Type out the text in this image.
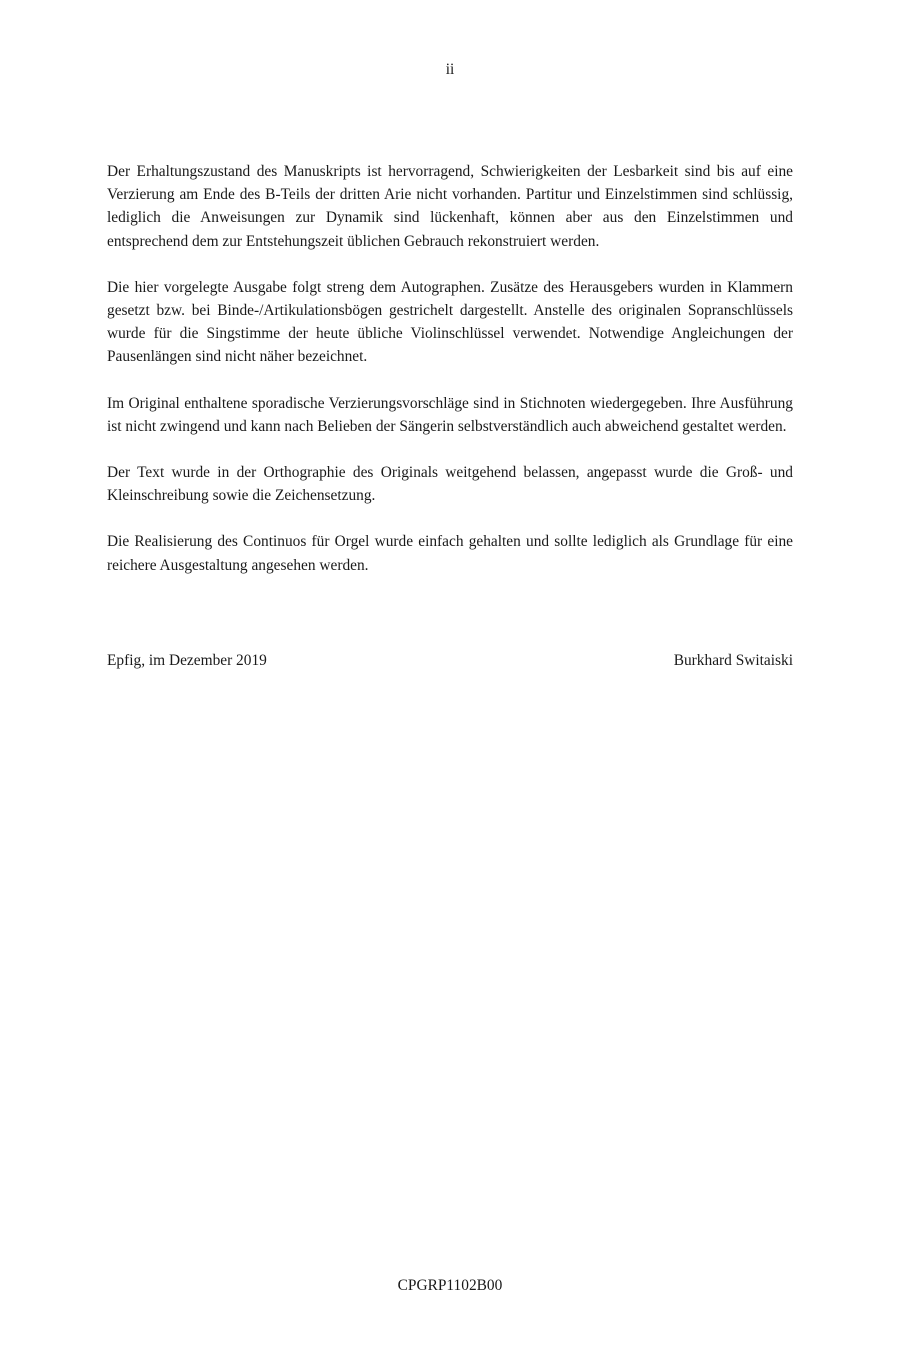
ii

Der Erhaltungszustand des Manuskripts ist hervorragend, Schwierigkeiten der Lesbarkeit sind bis auf eine Verzierung am Ende des B-Teils der dritten Arie nicht vorhanden. Partitur und Einzelstimmen sind schlüssig, lediglich die Anweisungen zur Dynamik sind lückenhaft, können aber aus den Einzelstimmen und entsprechend dem zur Entstehungszeit üblichen Gebrauch rekonstruiert werden.

Die hier vorgelegte Ausgabe folgt streng dem Autographen. Zusätze des Herausgebers wurden in Klammern gesetzt bzw. bei Binde-/Artikulationsbögen gestrichelt dargestellt. Anstelle des originalen Sopranschlüssels wurde für die Singstimme der heute übliche Violinschlüssel verwendet. Notwendige Angleichungen der Pausenlängen sind nicht näher bezeichnet.

Im Original enthaltene sporadische Verzierungsvorschläge sind in Stichnoten wiedergegeben. Ihre Ausführung ist nicht zwingend und kann nach Belieben der Sängerin selbstverständlich auch abweichend gestaltet werden.

Der Text wurde in der Orthographie des Originals weitgehend belassen, angepasst wurde die Groß- und Kleinschreibung sowie die Zeichensetzung.

Die Realisierung des Continuos für Orgel wurde einfach gehalten und sollte lediglich als Grundlage für eine reichere Ausgestaltung angesehen werden.

Epfig, im Dezember 2019	Burkhard Switaiski
CPGRP1102B00
